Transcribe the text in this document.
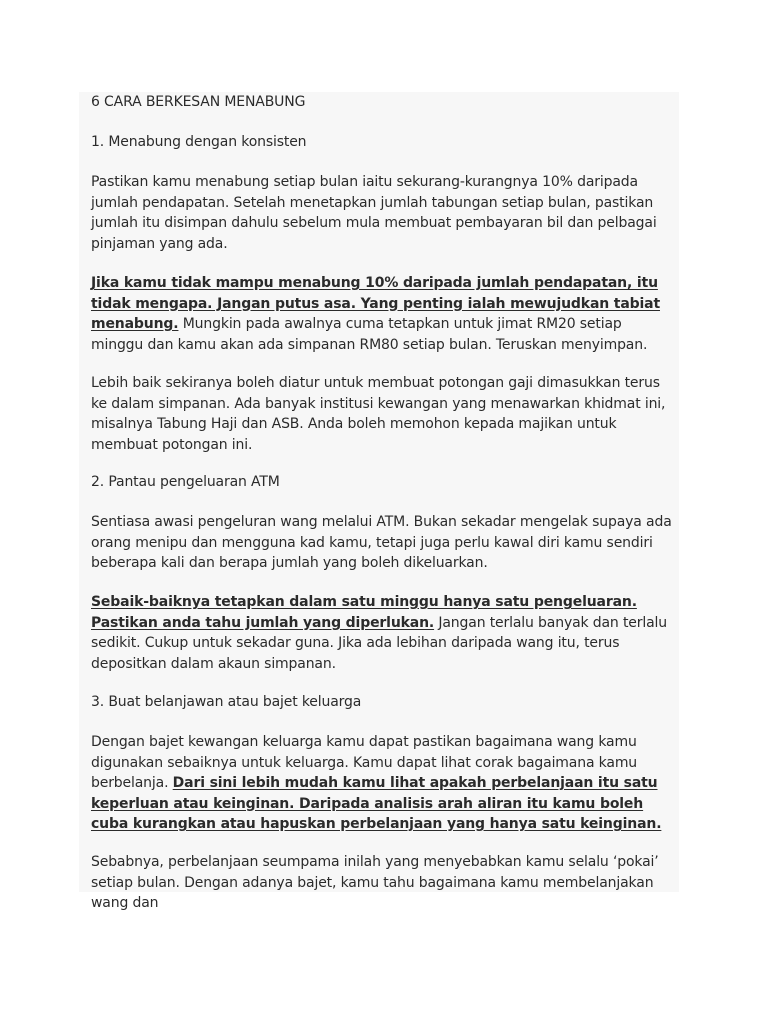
6 CARA BERKESAN MENABUNG

1. Menabung dengan konsisten

Pastikan kamu menabung setiap bulan iaitu sekurang-kurangnya 10% daripada jumlah pendapatan. Setelah menetapkan jumlah tabungan setiap bulan, pastikan jumlah itu disimpan dahulu sebelum mula membuat pembayaran bil dan pelbagai pinjaman yang ada.

Jika kamu tidak mampu menabung 10% daripada jumlah pendapatan, itu tidak mengapa. Jangan putus asa. Yang penting ialah mewujudkan tabiat menabung. Mungkin pada awalnya cuma tetapkan untuk jimat RM20 setiap minggu dan kamu akan ada simpanan RM80 setiap bulan. Teruskan menyimpan.

Lebih baik sekiranya boleh diatur untuk membuat potongan gaji dimasukkan terus ke dalam simpanan. Ada banyak institusi kewangan yang menawarkan khidmat ini, misalnya Tabung Haji dan ASB. Anda boleh memohon kepada majikan untuk membuat potongan ini.

2. Pantau pengeluaran ATM

Sentiasa awasi pengeluran wang melalui ATM. Bukan sekadar mengelak supaya ada orang menipu dan mengguna kad kamu, tetapi juga perlu kawal diri kamu sendiri beberapa kali dan berapa jumlah yang boleh dikeluarkan.

Sebaik-baiknya tetapkan dalam satu minggu hanya satu pengeluaran. Pastikan anda tahu jumlah yang diperlukan. Jangan terlalu banyak dan terlalu sedikit. Cukup untuk sekadar guna. Jika ada lebihan daripada wang itu, terus depositkan dalam akaun simpanan.

3. Buat belanjawan atau bajet keluarga

Dengan bajet kewangan keluarga kamu dapat pastikan bagaimana wang kamu digunakan sebaiknya untuk keluarga. Kamu dapat lihat corak bagaimana kamu berbelanja. Dari sini lebih mudah kamu lihat apakah perbelanjaan itu satu keperluan atau keinginan. Daripada analisis arah aliran itu kamu boleh cuba kurangkan atau hapuskan perbelanjaan yang hanya satu keinginan.

Sebabnya, perbelanjaan seumpama inilah yang menyebabkan kamu selalu ‘pokai’ setiap bulan. Dengan adanya bajet, kamu tahu bagaimana kamu membelanjakan wang dan
